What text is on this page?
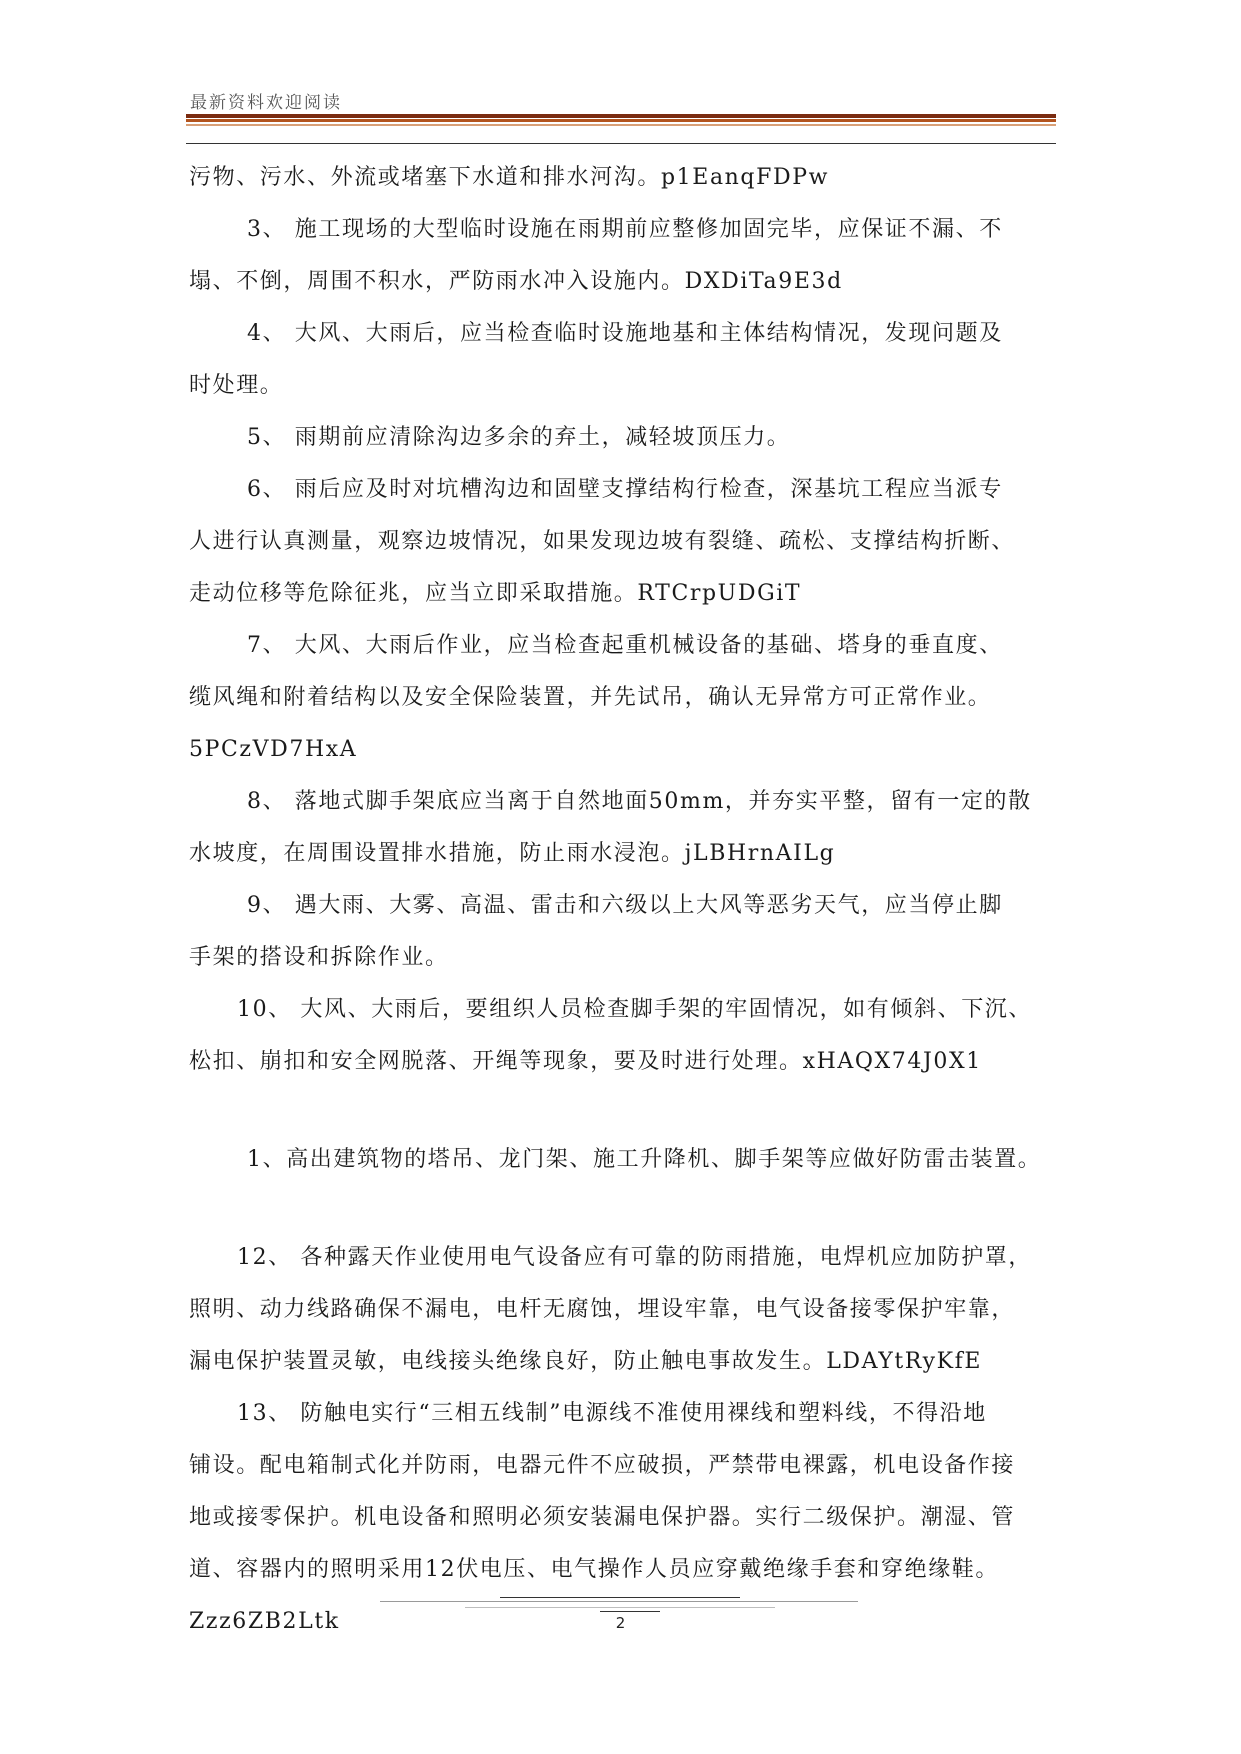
最新资料欢迎阅读
污物、污水、外流或堵塞下水道和排水河沟。p1EanqFDPw
3、 施工现场的大型临时设施在雨期前应整修加固完毕，应保证不漏、不
塌、不倒，周围不积水，严防雨水冲入设施内。DXDiTa9E3d
4、 大风、大雨后，应当检查临时设施地基和主体结构情况，发现问题及
时处理。
5、 雨期前应清除沟边多余的弃土，减轻坡顶压力。
6、 雨后应及时对坑槽沟边和固壁支撑结构行检查，深基坑工程应当派专
人进行认真测量，观察边坡情况，如果发现边坡有裂缝、疏松、支撑结构折断、
走动位移等危除征兆，应当立即采取措施。RTCrpUDGiT
7、 大风、大雨后作业，应当检查起重机械设备的基础、塔身的垂直度、
缆风绳和附着结构以及安全保险装置，并先试吊，确认无异常方可正常作业。
5PCzVD7HxA
8、 落地式脚手架底应当离于自然地面50mm，并夯实平整，留有一定的散
水坡度，在周围设置排水措施，防止雨水浸泡。jLBHrnAILg
9、 遇大雨、大雾、高温、雷击和六级以上大风等恶劣天气，应当停止脚
手架的搭设和拆除作业。
10、 大风、大雨后，要组织人员检查脚手架的牢固情况，如有倾斜、下沉、
松扣、崩扣和安全网脱落、开绳等现象，要及时进行处理。xHAQX74J0X1
1、高出建筑物的塔吊、龙门架、施工升降机、脚手架等应做好防雷击装置。
12、 各种露天作业使用电气设备应有可靠的防雨措施，电焊机应加防护罩，
照明、动力线路确保不漏电，电杆无腐蚀，埋设牢靠，电气设备接零保护牢靠，
漏电保护装置灵敏，电线接头绝缘良好，防止触电事故发生。LDAYtRyKfE
13、 防触电实行“三相五线制”电源线不准使用裸线和塑料线，不得沿地
铺设。配电箱制式化并防雨，电器元件不应破损，严禁带电裸露，机电设备作接
地或接零保护。机电设备和照明必须安装漏电保护器。实行二级保护。潮湿、管
道、容器内的照明采用12伏电压、电气操作人员应穿戴绝缘手套和穿绝缘鞋。
Zzz6ZB2Ltk	2
